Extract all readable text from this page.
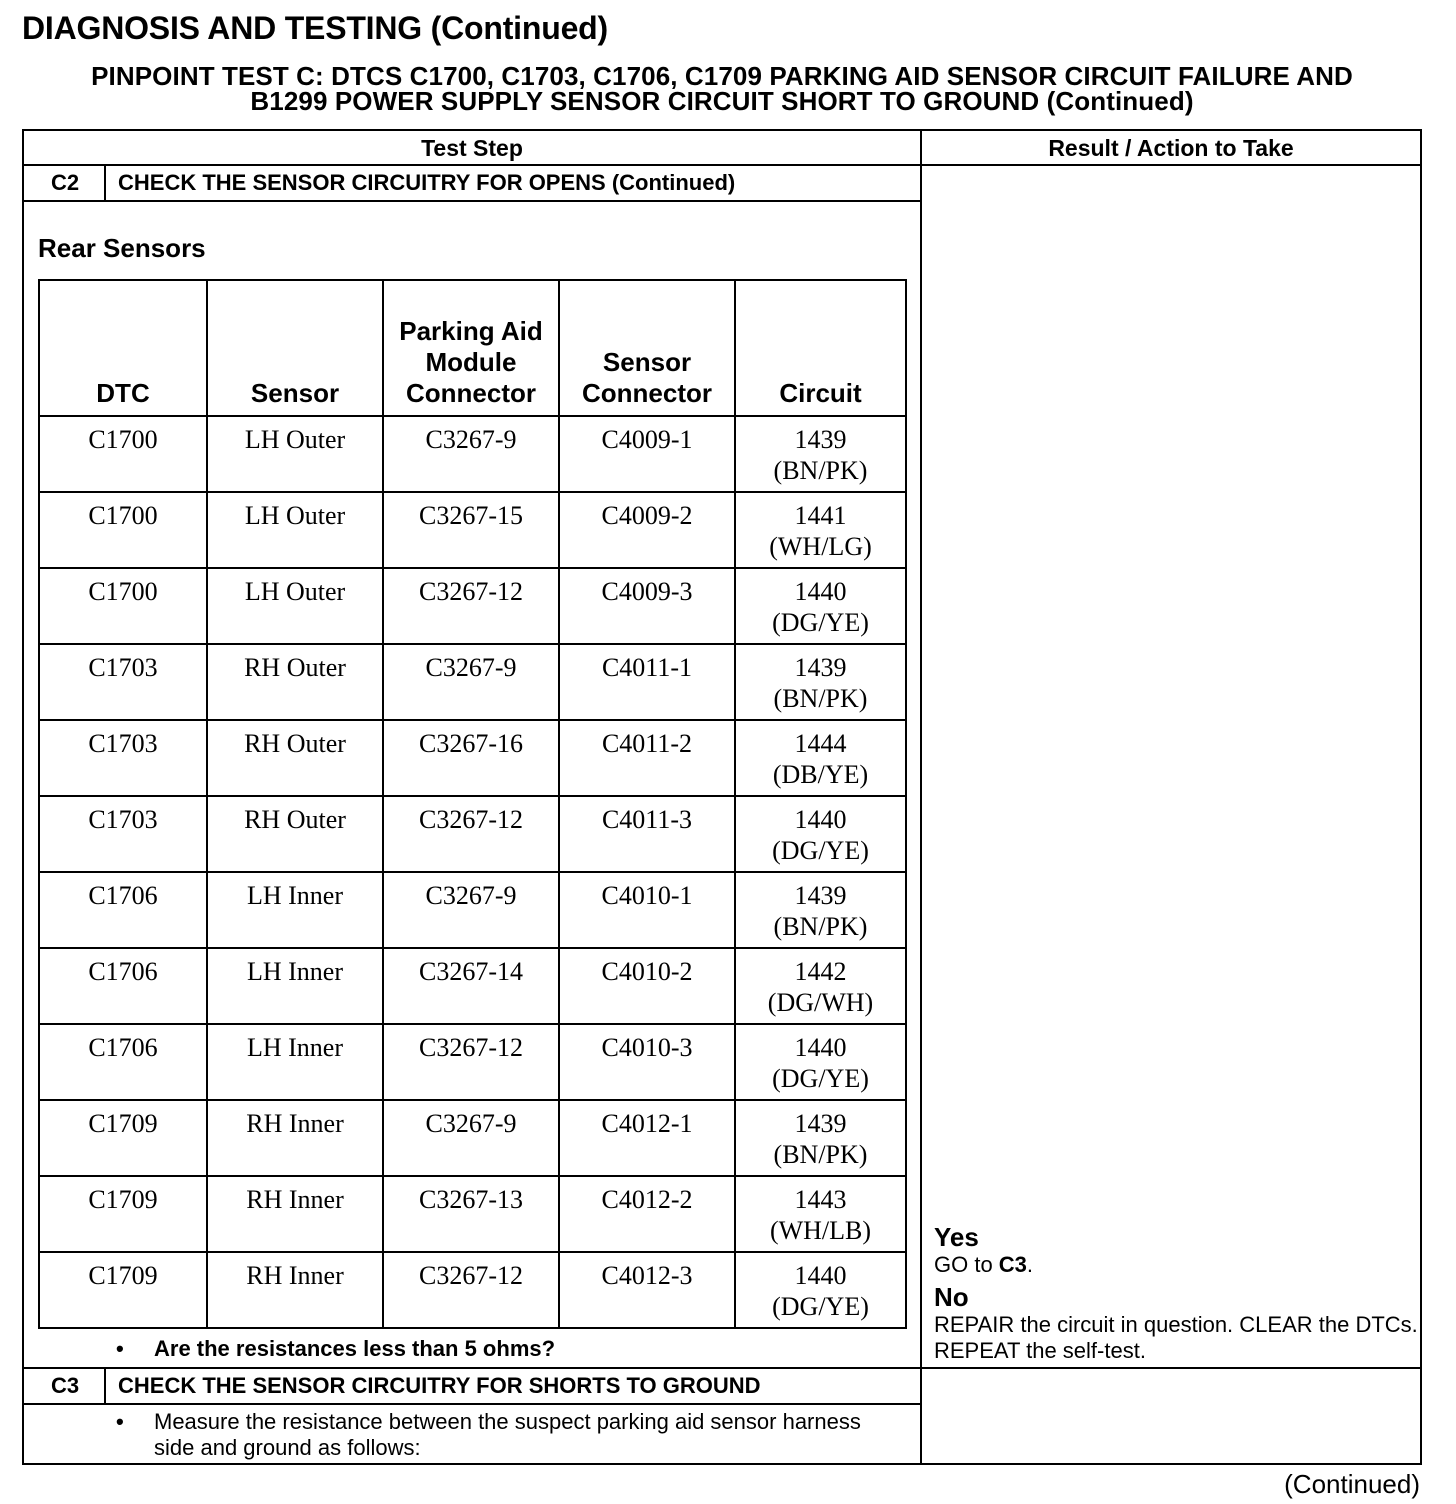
DIAGNOSIS AND TESTING (Continued)
PINPOINT TEST C: DTCS C1700, C1703, C1706, C1709 PARKING AID SENSOR CIRCUIT FAILURE AND
B1299 POWER SUPPLY SENSOR CIRCUIT SHORT TO GROUND (Continued)
Test Step	Result / Action to Take
C2	CHECK THE SENSOR CIRCUITRY FOR OPENS (Continued)
Rear Sensors
DTC	Sensor	Parking Aid Module Connector	Sensor Connector	Circuit
C1700	LH Outer	C3267-9	C4009-1	1439
(BN/PK)

C1700	LH Outer	C3267-15	C4009-2	1441
(WH/LG)

C1700	LH Outer	C3267-12	C4009-3	1440
(DG/YE)

C1703	RH Outer	C3267-9	C4011-1	1439
(BN/PK)

C1703	RH Outer	C3267-16	C4011-2	1444
(DB/YE)

C1703	RH Outer	C3267-12	C4011-3	1440
(DG/YE)

C1706	LH Inner	C3267-9	C4010-1	1439
(BN/PK)

C1706	LH Inner	C3267-14	C4010-2	1442
(DG/WH)

C1706	LH Inner	C3267-12	C4010-3	1440
(DG/YE)

C1709	RH Inner	C3267-9	C4012-1	1439
(BN/PK)

C1709	RH Inner	C3267-13	C4012-2	1443
(WH/LB)

C1709	RH Inner	C3267-12	C4012-3	1440
(DG/YE)
• Are the resistances less than 5 ohms?
Yes
GO to C3.
No
REPAIR the circuit in question. CLEAR the DTCs. REPEAT the self-test.
C3	CHECK THE SENSOR CIRCUITRY FOR SHORTS TO GROUND
• Measure the resistance between the suspect parking aid sensor harness side and ground as follows:
(Continued)
